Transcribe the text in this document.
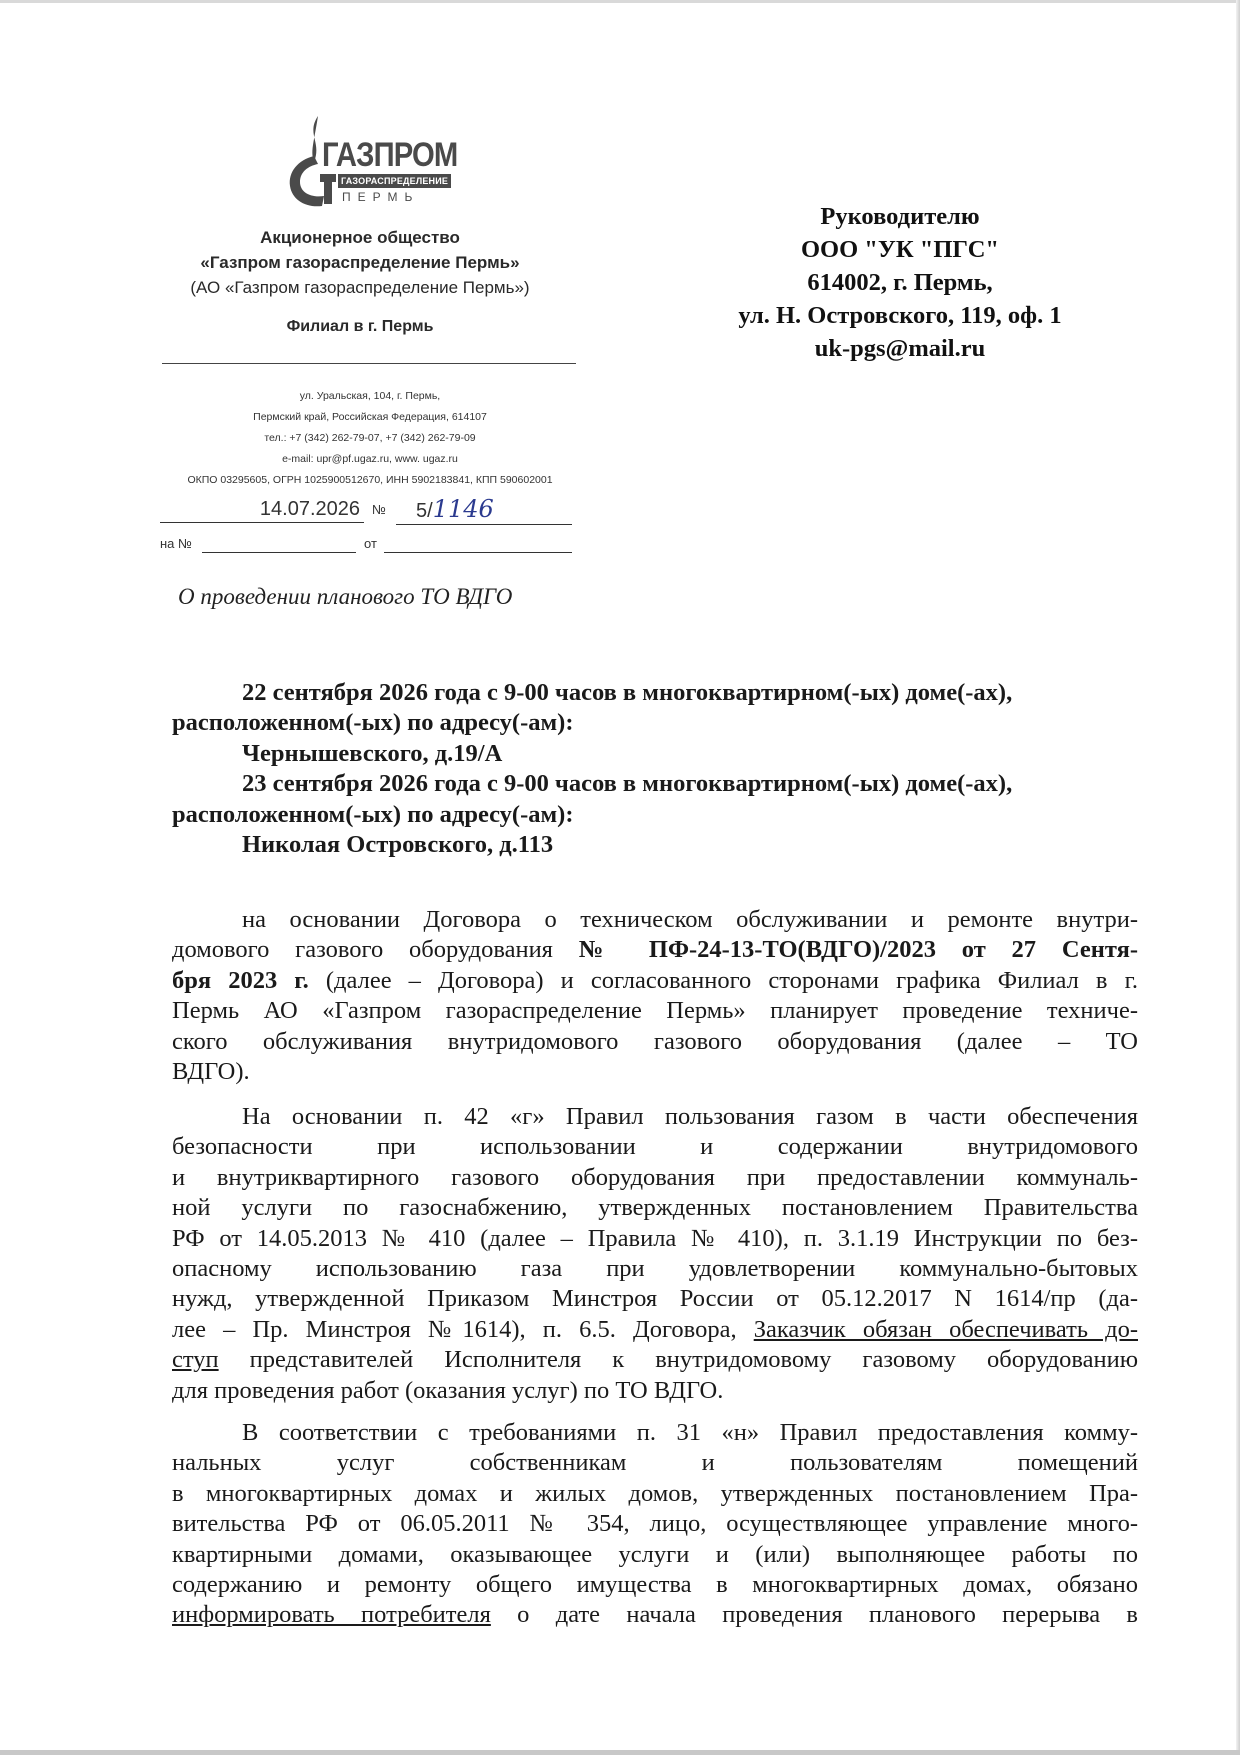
ГАЗПРОМ
ГАЗОРАСПРЕДЕЛЕНИЕ
ПЕРМЬ
Акционерное общество
«Газпром газораспределение Пермь»
(АО «Газпром газораспределение Пермь»)
Филиал в г. Пермь
ул. Уральская, 104, г. Пермь,
Пермский край, Российская Федерация, 614107
тел.: +7 (342) 262-79-07, +7 (342) 262-79-09
e-mail: upr@pf.ugaz.ru, www. ugaz.ru
ОКПО 03295605, ОГРН 1025900512670, ИНН 5902183841, КПП 590602001
14.07.2026 №	5/1146
на №	от
Руководителю
ООО "УК "ПГС"
614002, г. Пермь,
ул. Н. Островского, 119, оф. 1
uk-pgs@mail.ru
О проведении планового ТО ВДГО
22 сентября 2026 года с 9-00 часов в многоквартирном(-ых) доме(-ах),
расположенном(-ых) по адресу(-ам):
Чернышевского, д.19/А
23 сентября 2026 года с 9-00 часов в многоквартирном(-ых) доме(-ах),
расположенном(-ых) по адресу(-ам):
Николая Островского, д.113
на основании Договора о техническом обслуживании и ремонте внутри-
домового газового оборудования № ПФ-24-13-ТО(ВДГО)/2023 от 27 Сентя-
бря 2023 г. (далее – Договора) и согласованного сторонами графика Филиал в г.
Пермь АО «Газпром газораспределение Пермь» планирует проведение техниче-
ского обслуживания внутридомового газового оборудования (далее – ТО
ВДГО).
На основании п. 42 «г» Правил пользования газом в части обеспечения
безопасности при использовании и содержании внутридомового
и внутриквартирного газового оборудования при предоставлении коммуналь-
ной услуги по газоснабжению, утвержденных постановлением Правительства
РФ от 14.05.2013 № 410 (далее – Правила № 410), п. 3.1.19 Инструкции по без-
опасному использованию газа при удовлетворении коммунально-бытовых
нужд, утвержденной Приказом Минстроя России от 05.12.2017 N 1614/пр (да-
лее – Пр. Минстроя №1614), п. 6.5. Договора, Заказчик обязан обеспечивать до-
ступ представителей Исполнителя к внутридомовому газовому оборудованию
для проведения работ (оказания услуг) по ТО ВДГО.
В соответствии с требованиями п. 31 «н» Правил предоставления комму-
нальных услуг собственникам и пользователям помещений
в многоквартирных домах и жилых домов, утвержденных постановлением Пра-
вительства РФ от 06.05.2011 № 354, лицо, осуществляющее управление много-
квартирными домами, оказывающее услуги и (или) выполняющее работы по
содержанию и ремонту общего имущества в многоквартирных домах, обязано
информировать потребителя о дате начала проведения планового перерыва в
